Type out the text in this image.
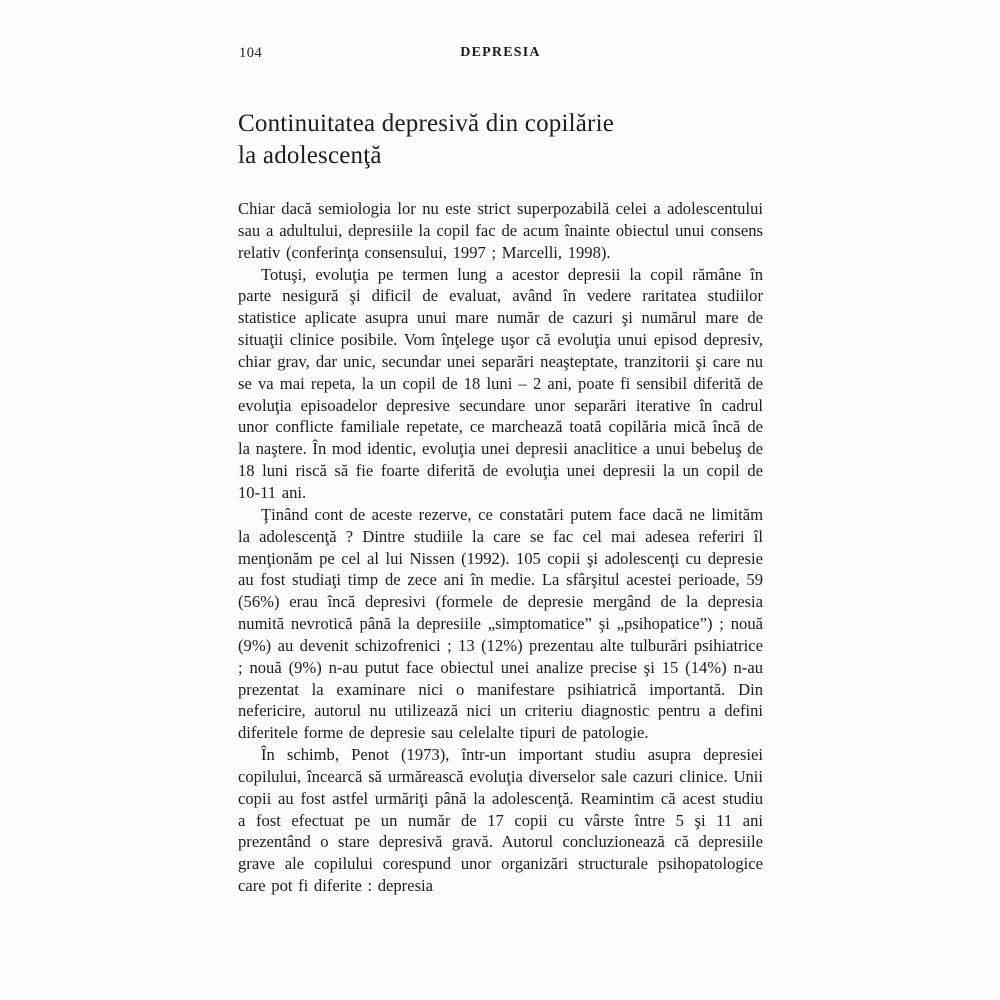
104	DEPRESIA
Continuitatea depresivă din copilărie
la adolescenţă

Chiar dacă semiologia lor nu este strict superpozabilă celei a adolescentului sau a adultului, depresiile la copil fac de acum înainte obiectul unui consens relativ (conferinţa consensului, 1997 ; Marcelli, 1998).

Totuşi, evoluţia pe termen lung a acestor depresii la copil rămâne în parte nesigură şi dificil de evaluat, având în vedere raritatea studiilor statistice aplicate asupra unui mare număr de cazuri şi numărul mare de situaţii clinice posibile. Vom înţelege uşor că evoluţia unui episod depresiv, chiar grav, dar unic, secundar unei separări neaşteptate, tranzitorii şi care nu se va mai repeta, la un copil de 18 luni – 2 ani, poate fi sensibil diferită de evoluţia episoadelor depresive secundare unor separări iterative în cadrul unor conflicte familiale repetate, ce marchează toată copilăria mică încă de la naştere. În mod identic, evoluţia unei depresii anaclitice a unui bebeluş de 18 luni riscă să fie foarte diferită de evoluţia unei depresii la un copil de 10-11 ani.

Ţinând cont de aceste rezerve, ce constatări putem face dacă ne limităm la adolescenţă ? Dintre studiile la care se fac cel mai adesea referiri îl menţionăm pe cel al lui Nissen (1992). 105 copii şi adolescenţi cu depresie au fost studiaţi timp de zece ani în medie. La sfârşitul acestei perioade, 59 (56%) erau încă depresivi (formele de depresie mergând de la depresia numită nevrotică până la depresiile „simptomatice” şi „psihopatice”) ; nouă (9%) au devenit schizofrenici ; 13 (12%) prezentau alte tulburări psihiatrice ; nouă (9%) n-au putut face obiectul unei analize precise şi 15 (14%) n-au prezentat la examinare nici o manifestare psihiatrică importantă. Din nefericire, autorul nu utilizează nici un criteriu diagnostic pentru a defini diferitele forme de depresie sau celelalte tipuri de patologie.

În schimb, Penot (1973), într-un important studiu asupra depresiei copilului, încearcă să urmărească evoluţia diverselor sale cazuri clinice. Unii copii au fost astfel urmăriţi până la adolescenţă. Reamintim că acest studiu a fost efectuat pe un număr de 17 copii cu vârste între 5 şi 11 ani prezentând o stare depresivă gravă. Autorul concluzionează că depresiile grave ale copilului corespund unor organizări structurale psihopatologice care pot fi diferite : depresia
